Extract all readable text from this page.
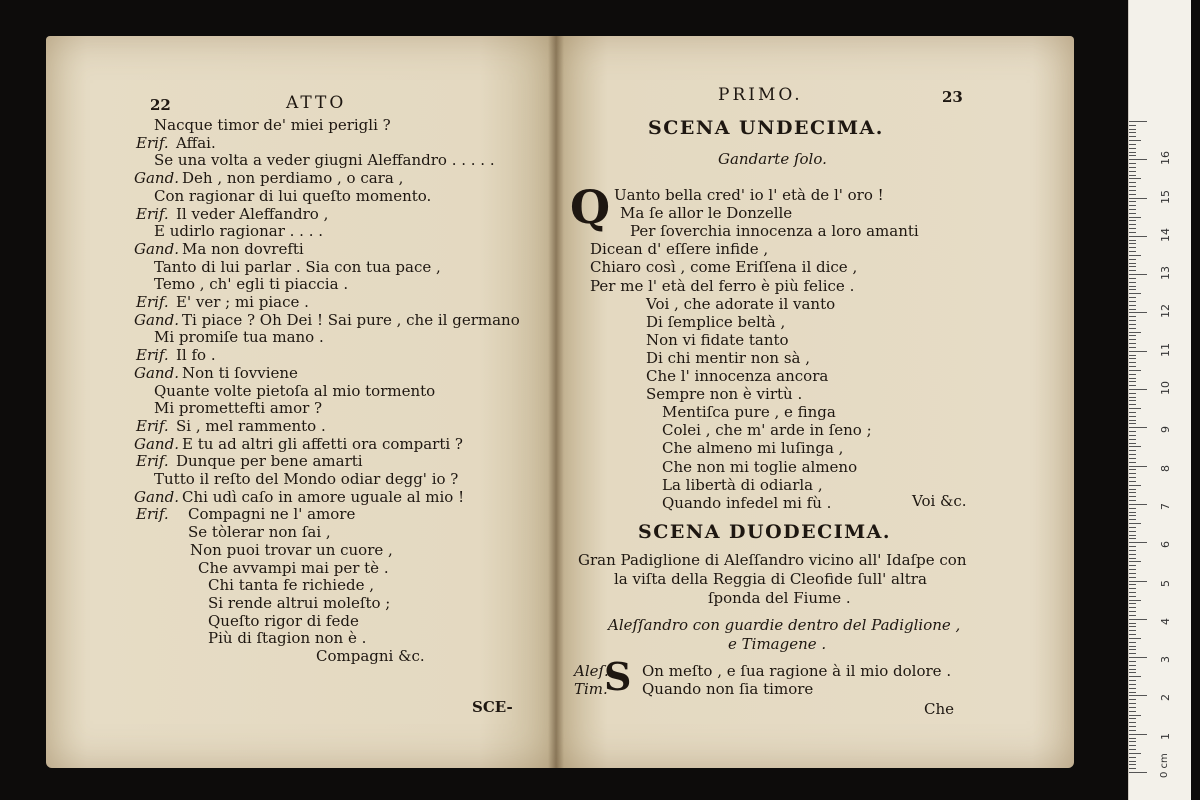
22	ATTO
Nacque timor de' miei perigli ?
Erif. Affai.
Se una volta a veder giugni Aleffandro . . . . .
Gand. Deh , non perdiamo , o cara ,
Con ragionar di lui queſto momento.
Erif. Il veder Aleffandro ,
E udirlo ragionar . . . .
Gand. Ma non dovrefti
Tanto di lui parlar . Sia con tua pace ,
Temo , ch' egli ti piaccia .
Erif. E' ver ; mi piace .
Gand. Ti piace ? Oh Dei ! Sai pure , che il germano
Mi promiſe tua mano .
Erif. Il fo .
Gand. Non ti ſovviene
Quante volte pietoſa al mio tormento
Mi promettefti amor ?
Erif. Si , mel rammento .
Gand. E tu ad altri gli affetti ora comparti ?
Erif. Dunque per bene amarti
Tutto il reſto del Mondo odiar degg' io ?
Gand. Chi udì caſo in amore uguale al mio !
Erif. Compagni ne l' amore
Se tòlerar non ſai ,
Non puoi trovar un cuore ,
Che avvampi mai per tè .
Chi tanta fe richiede ,
Si rende altrui moleſto ;
Queſto rigor di fede
Più di ſtagion non è .
Compagni &c.
SCE-
PRIMO.	23
SCENA UNDECIMA.
Gandarte ſolo.
Q Uanto bella cred' io l' età de l' oro !
Ma ſe allor le Donzelle
Per ſoverchia innocenza a loro amanti
Dicean d' eſſere infide ,
Chiaro così , come Eriſſena il dice ,
Per me l' età del ferro è più felice .
Voi , che adorate il vanto
Di ſemplice beltà ,
Non vi fidate tanto
Di chi mentir non sà ,
Che l' innocenza ancora
Sempre non è virtù .
Mentiſca pure , e finga
Colei , che m' arde in ſeno ;
Che almeno mi luſinga ,
Che non mi toglie almeno
La libertà di odiarla ,
Quando infedel mi fù .	Voi &c.
SCENA DUODECIMA.
Gran Padiglione di Aleſſandro vicino all' Idaſpe con
la viſta della Reggia di Cleofide ſull' altra
ſponda del Fiume .
Aleſſandro con guardie dentro del Padiglione ,
e Timagene .
S
Aleſ. On meſto , e ſua ragione à il mio dolore .
Tim. Quando non ſia timore
Che
1
2
3
4
5
6
7
8
9
10
11
12
13
14
15
16
0 cm
